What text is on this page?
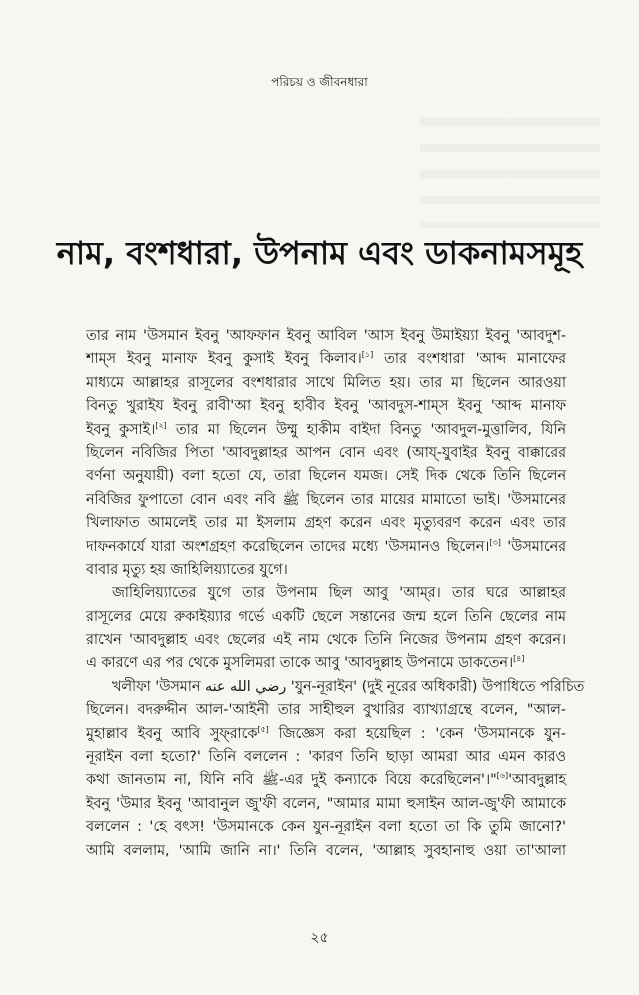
পরিচয় ও জীবনধারা
নাম, বংশধারা, উপনাম এবং ডাকনামসমূহ
তার নাম 'উসমান ইবনু 'আফফান ইবনু আবিল 'আস ইবনু উমাইয়্যা ইবনু 'আবদুশ-
শাম্‌স ইবনু মানাফ ইবনু কুসাই ইবনু কিলাব।[১] তার বংশধারা 'আব্দ মানাফের
মাধ্যমে আল্লাহর রাসূলের বংশধারার সাথে মিলিত হয়। তার মা ছিলেন আরওয়া
বিনতু খুরাইয ইবনু রাবী'আ ইবনু হাবীব ইবনু 'আবদুস-শাম্‌স ইবনু 'আব্দ মানাফ
ইবনু কুসাই।[২] তার মা ছিলেন উম্মু হাকীম বাইদা বিনতু 'আবদুল-মুত্তালিব, যিনি
ছিলেন নবিজির পিতা 'আবদুল্লাহর আপন বোন এবং (আয্‌-যুবাইর ইবনু বাক্কারের
বর্ণনা অনুযায়ী) বলা হতো যে, তারা ছিলেন যমজ। সেই দিক থেকে তিনি ছিলেন
নবিজির ফুপাতো বোন এবং নবি ﷺ ছিলেন তার মায়ের মামাতো ভাই। 'উসমানের
খিলাফাত আমলেই তার মা ইসলাম গ্রহণ করেন এবং মৃত্যুবরণ করেন এবং তার
দাফনকার্যে যারা অংশগ্রহণ করেছিলেন তাদের মধ্যে 'উসমানও ছিলেন।[৩] 'উসমানের
বাবার মৃত্যু হয় জাহিলিয়্যাতের যুগে।
জাহিলিয়্যাতের যুগে তার উপনাম ছিল আবু 'আম্‌র। তার ঘরে আল্লাহর
রাসূলের মেয়ে রুকাইয়্যার গর্ভে একটি ছেলে সন্তানের জন্ম হলে তিনি ছেলের নাম
রাখেন 'আবদুল্লাহ এবং ছেলের এই নাম থেকে তিনি নিজের উপনাম গ্রহণ করেন।
এ কারণে এর পর থেকে মুসলিমরা তাকে আবু 'আবদুল্লাহ উপনামে ডাকতেন।[৪]
খলীফা 'উসমান رضي الله عنه 'যুন-নূরাইন' (দুই নূরের অধিকারী) উপাধিতে পরিচিত
ছিলেন। বদরুদ্দীন আল-'আইনী তার সাহীহুল বুখারির ব্যাখ্যাগ্রন্থে বলেন, "আল-
মুহাল্লাব ইবনু আবি সুফ্‌রাকে[৫] জিজ্ঞেস করা হয়েছিল : 'কেন 'উসমানকে যুন-
নূরাইন বলা হতো?' তিনি বললেন : 'কারণ তিনি ছাড়া আমরা আর এমন কারও
কথা জানতাম না, যিনি নবি ﷺ-এর দুই কন্যাকে বিয়ে করেছিলেন'।"[৬]'আবদুল্লাহ
ইবনু 'উমার ইবনু 'আবানুল জু'ফী বলেন, "আমার মামা হুসাইন আল-জু'ফী আমাকে
বললেন : 'হে বৎস! 'উসমানকে কেন যুন-নূরাইন বলা হতো তা কি তুমি জানো?'
আমি বললাম, 'আমি জানি না।' তিনি বলেন, 'আল্লাহ সুবহানাহু ওয়া তা'আলা
২৫
